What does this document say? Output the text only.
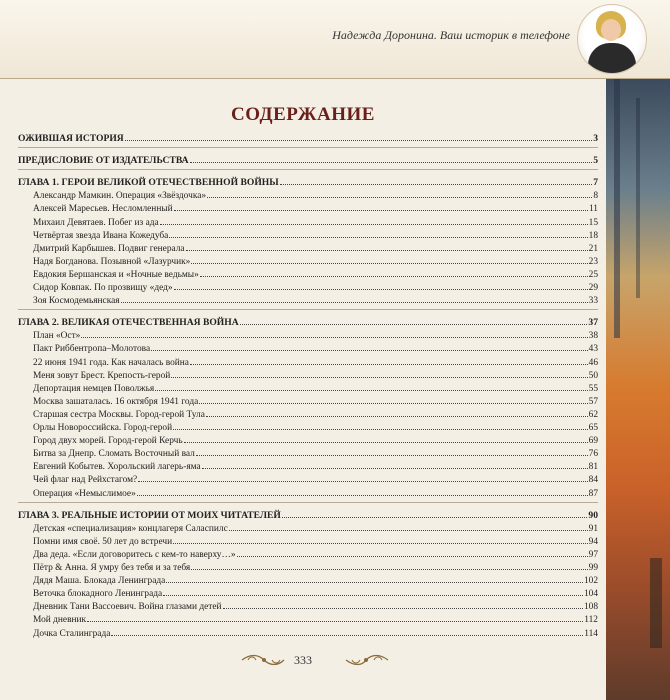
Надежда Доронина. Ваш историк в телефоне
СОДЕРЖАНИЕ
ОЖИВШАЯ ИСТОРИЯ	3
ПРЕДИСЛОВИЕ ОТ ИЗДАТЕЛЬСТВА	5
ГЛАВА 1. ГЕРОИ ВЕЛИКОЙ ОТЕЧЕСТВЕННОЙ ВОЙНЫ	7
Александр Мамкин. Операция «Звёздочка»	8
Алексей Маресьев. Несломленный	11
Михаил Девятаев. Побег из ада	15
Четвёртая звезда Ивана Кожедуба	18
Дмитрий Карбышев. Подвиг генерала	21
Надя Богданова. Позывной «Лазурчик»	23
Евдокия Бершанская и «Ночные ведьмы»	25
Сидор Ковпак. По прозвищу «дед»	29
Зоя Космодемьянская	33
ГЛАВА 2. ВЕЛИКАЯ ОТЕЧЕСТВЕННАЯ ВОЙНА	37
План «Ост»	38
Пакт Риббентропа–Молотова	43
22 июня 1941 года. Как началась война	46
Меня зовут Брест. Крепость-герой	50
Депортация немцев Поволжья	55
Москва зашаталась. 16 октября 1941 года	57
Старшая сестра Москвы. Город-герой Тула	62
Орлы Новороссийска. Город-герой	65
Город двух морей. Город-герой Керчь	69
Битва за Днепр. Сломать Восточный вал	76
Евгений Кобытев. Хорольский лагерь-яма	81
Чей флаг над Рейхстагом?	84
Операция «Немыслимое»	87
ГЛАВА 3. РЕАЛЬНЫЕ ИСТОРИИ ОТ МОИХ ЧИТАТЕЛЕЙ	90
Детская «специализация» концлагеря Саласпилс	91
Помни имя своё. 50 лет до встречи	94
Два деда. «Если договоритесь с кем-то наверху…»	97
Пётр & Анна. Я умру без тебя и за тебя	99
Дядя Маша. Блокада Ленинграда	102
Веточка блокадного Ленинграда	104
Дневник Тани Вассоевич. Война глазами детей	108
Мой дневник	112
Дочка Сталинграда	114
333
